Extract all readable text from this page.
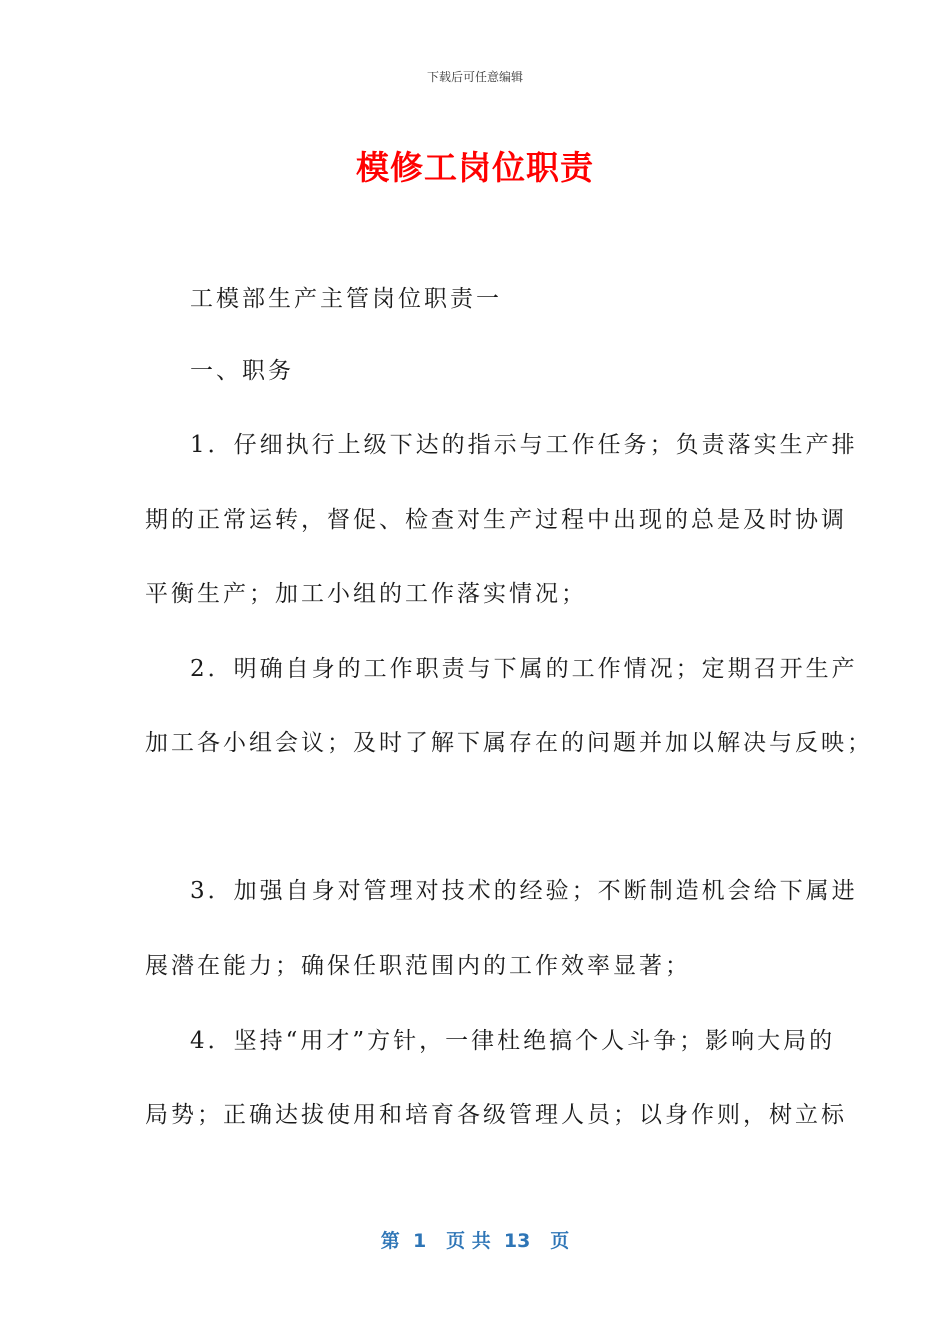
下载后可任意编辑
模修工岗位职责
工模部生产主管岗位职责一
一、职务
1．仔细执行上级下达的指示与工作任务；负责落实生产排
期的正常运转，督促、检查对生产过程中出现的总是及时协调
平衡生产；加工小组的工作落实情况；
2．明确自身的工作职责与下属的工作情况；定期召开生产
加工各小组会议；及时了解下属存在的问题并加以解决与反映；
3．加强自身对管理对技术的经验；不断制造机会给下属进
展潜在能力；确保任职范围内的工作效率显著；
4．坚持“用才”方针，一律杜绝搞个人斗争；影响大局的
局势；正确达拔使用和培育各级管理人员；以身作则，树立标
第  1   页 共  13   页
